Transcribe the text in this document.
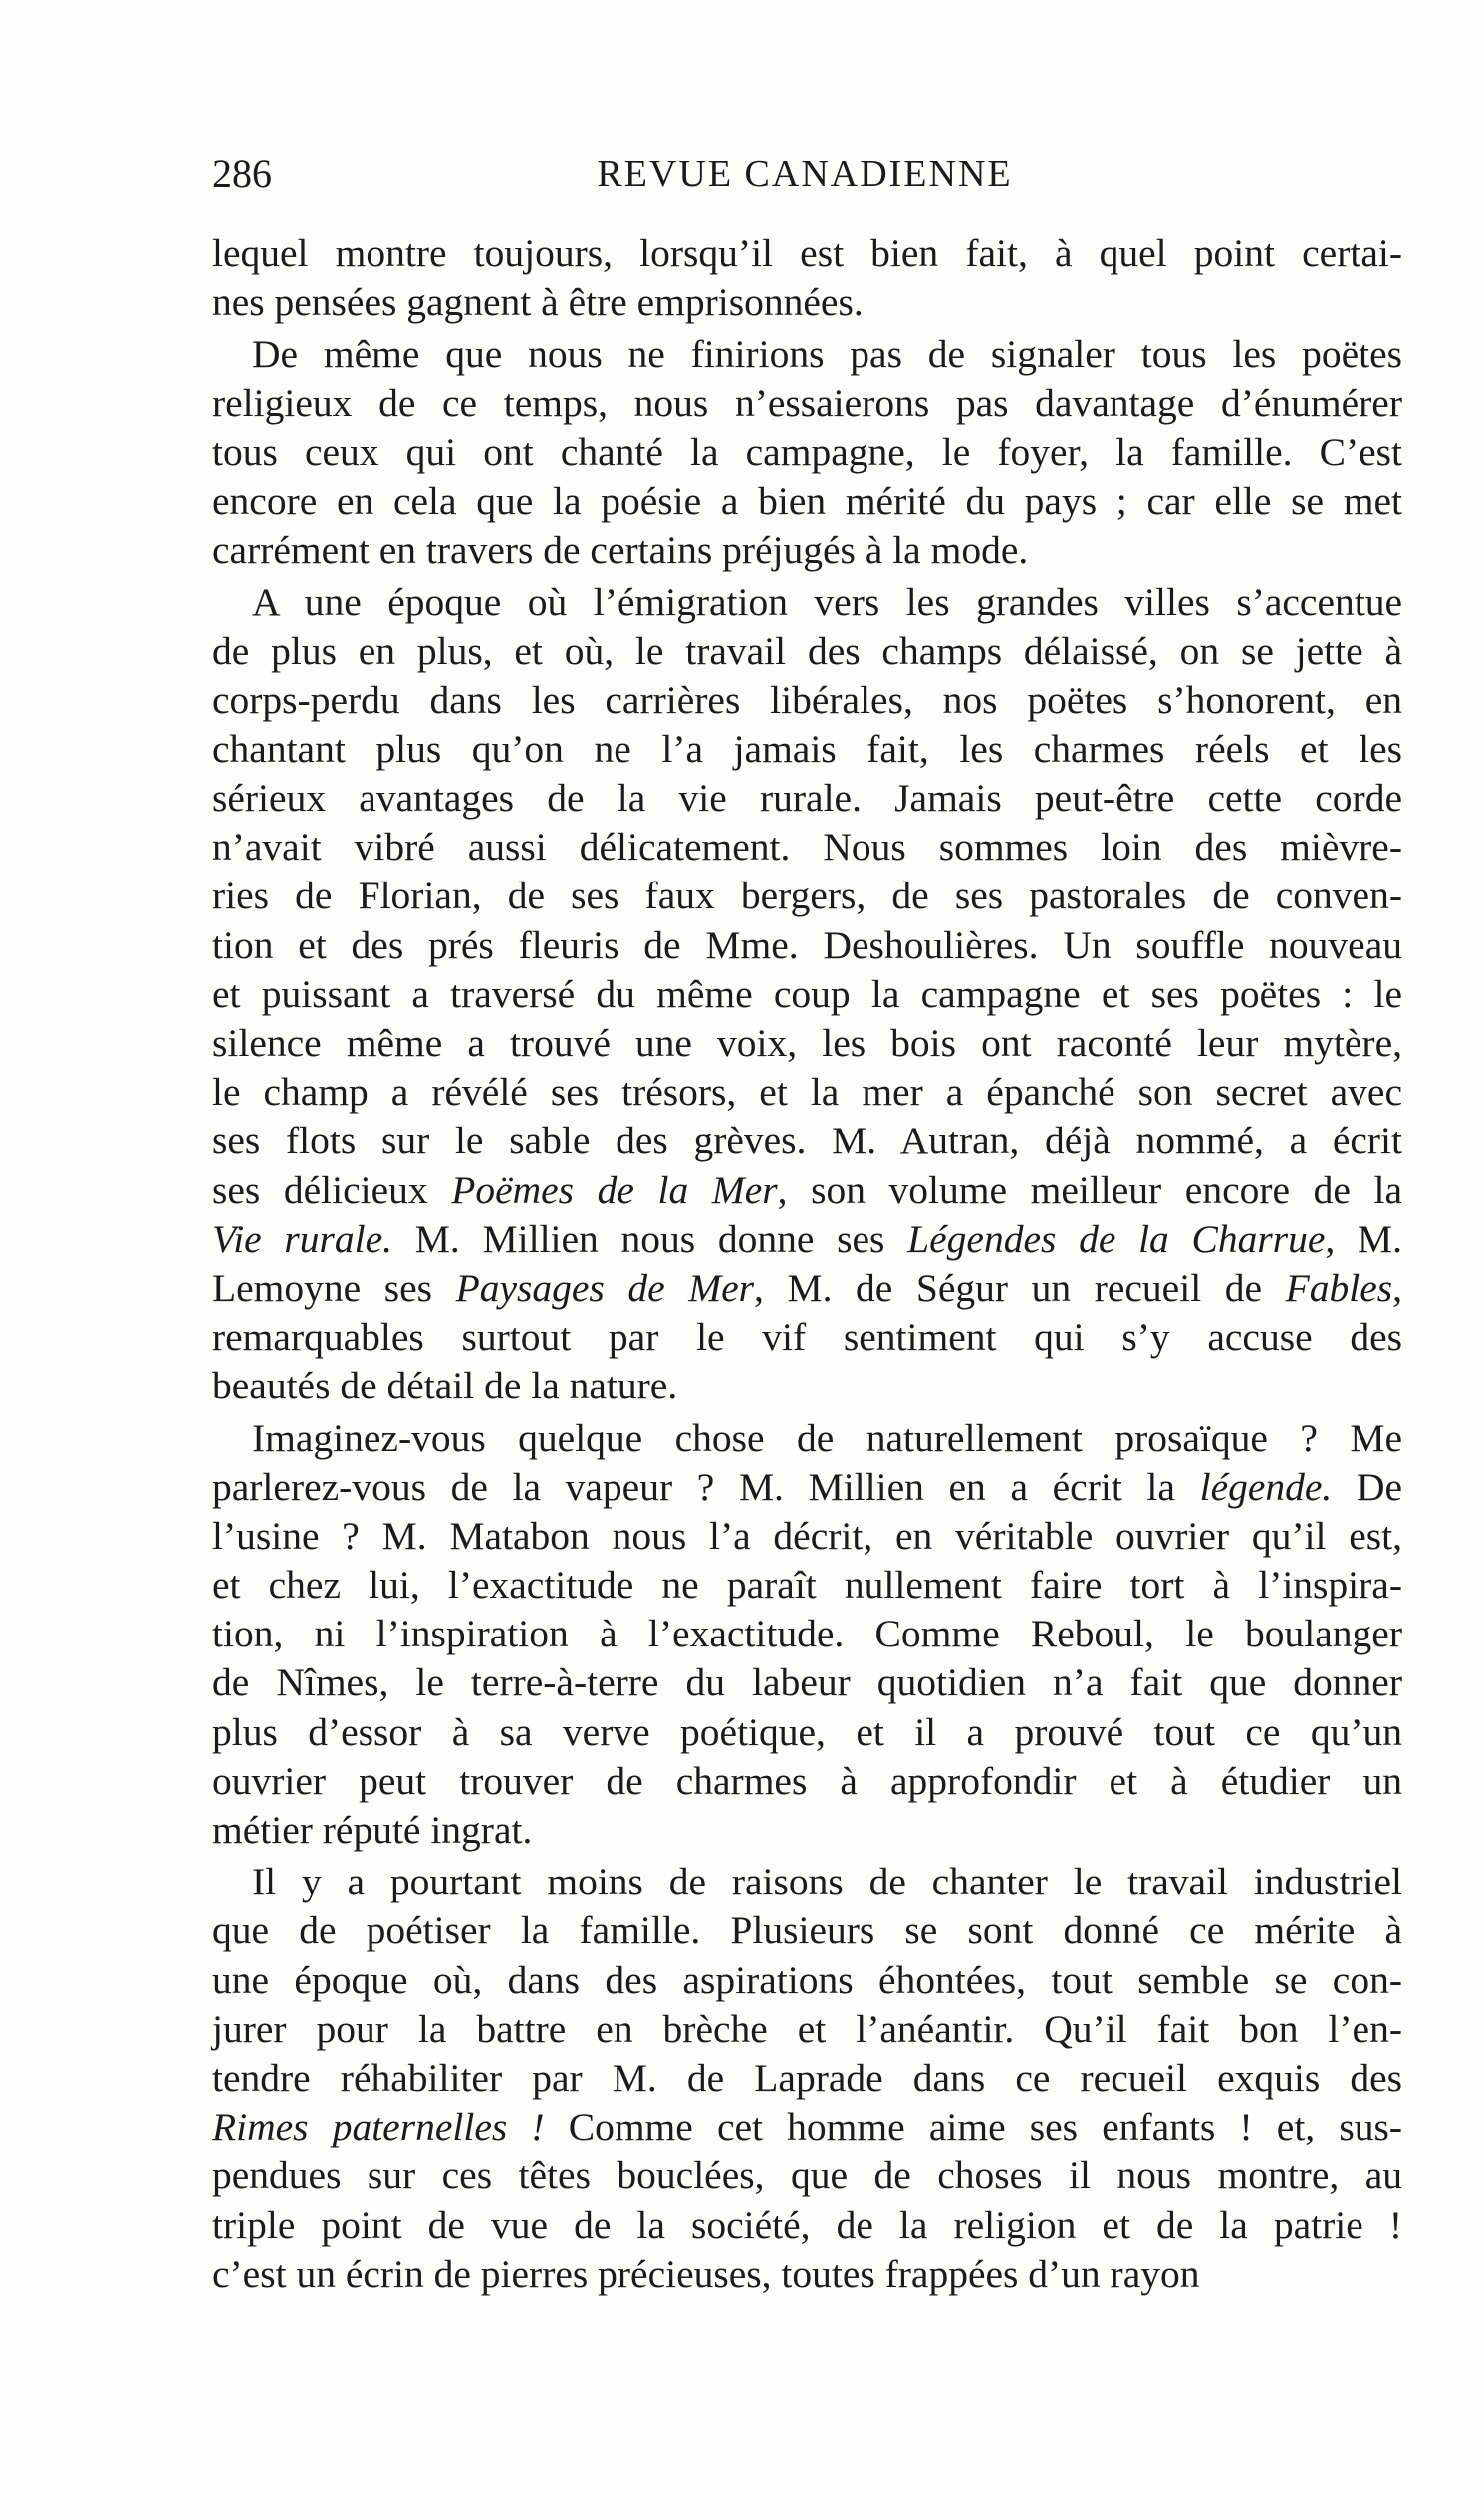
286	REVUE CANADIENNE
lequel montre toujours, lorsqu’il est bien fait, à quel point certai-
nes pensées gagnent à être emprisonnées.
De même que nous ne finirions pas de signaler tous les poëtes
religieux de ce temps, nous n’essaierons pas davantage d’énumérer
tous ceux qui ont chanté la campagne, le foyer, la famille. C’est
encore en cela que la poésie a bien mérité du pays ; car elle se met
carrément en travers de certains préjugés à la mode.
A une époque où l’émigration vers les grandes villes s’accentue
de plus en plus, et où, le travail des champs délaissé, on se jette à
corps-perdu dans les carrières libérales, nos poëtes s’honorent, en
chantant plus qu’on ne l’a jamais fait, les charmes réels et les
sérieux avantages de la vie rurale. Jamais peut-être cette corde
n’avait vibré aussi délicatement. Nous sommes loin des mièvre-
ries de Florian, de ses faux bergers, de ses pastorales de conven-
tion et des prés fleuris de Mme. Deshoulières. Un souffle nouveau
et puissant a traversé du même coup la campagne et ses poëtes : le
silence même a trouvé une voix, les bois ont raconté leur mytère,
le champ a révélé ses trésors, et la mer a épanché son secret avec
ses flots sur le sable des grèves. M. Autran, déjà nommé, a écrit
ses délicieux Poëmes de la Mer, son volume meilleur encore de la
Vie rurale. M. Millien nous donne ses Légendes de la Charrue, M.
Lemoyne ses Paysages de Mer, M. de Ségur un recueil de Fables,
remarquables surtout par le vif sentiment qui s’y accuse des
beautés de détail de la nature.
Imaginez-vous quelque chose de naturellement prosaïque ? Me
parlerez-vous de la vapeur ? M. Millien en a écrit la légende. De
l’usine ? M. Matabon nous l’a décrit, en véritable ouvrier qu’il est,
et chez lui, l’exactitude ne paraît nullement faire tort à l’inspira-
tion, ni l’inspiration à l’exactitude. Comme Reboul, le boulanger
de Nîmes, le terre-à-terre du labeur quotidien n’a fait que donner
plus d’essor à sa verve poétique, et il a prouvé tout ce qu’un
ouvrier peut trouver de charmes à approfondir et à étudier un
métier réputé ingrat.
Il y a pourtant moins de raisons de chanter le travail industriel
que de poétiser la famille. Plusieurs se sont donné ce mérite à
une époque où, dans des aspirations éhontées, tout semble se con-
jurer pour la battre en brèche et l’anéantir. Qu’il fait bon l’en-
tendre réhabiliter par M. de Laprade dans ce recueil exquis des
Rimes paternelles ! Comme cet homme aime ses enfants ! et, sus-
pendues sur ces têtes bouclées, que de choses il nous montre, au
triple point de vue de la société, de la religion et de la patrie !
c’est un écrin de pierres précieuses, toutes frappées d’un rayon
